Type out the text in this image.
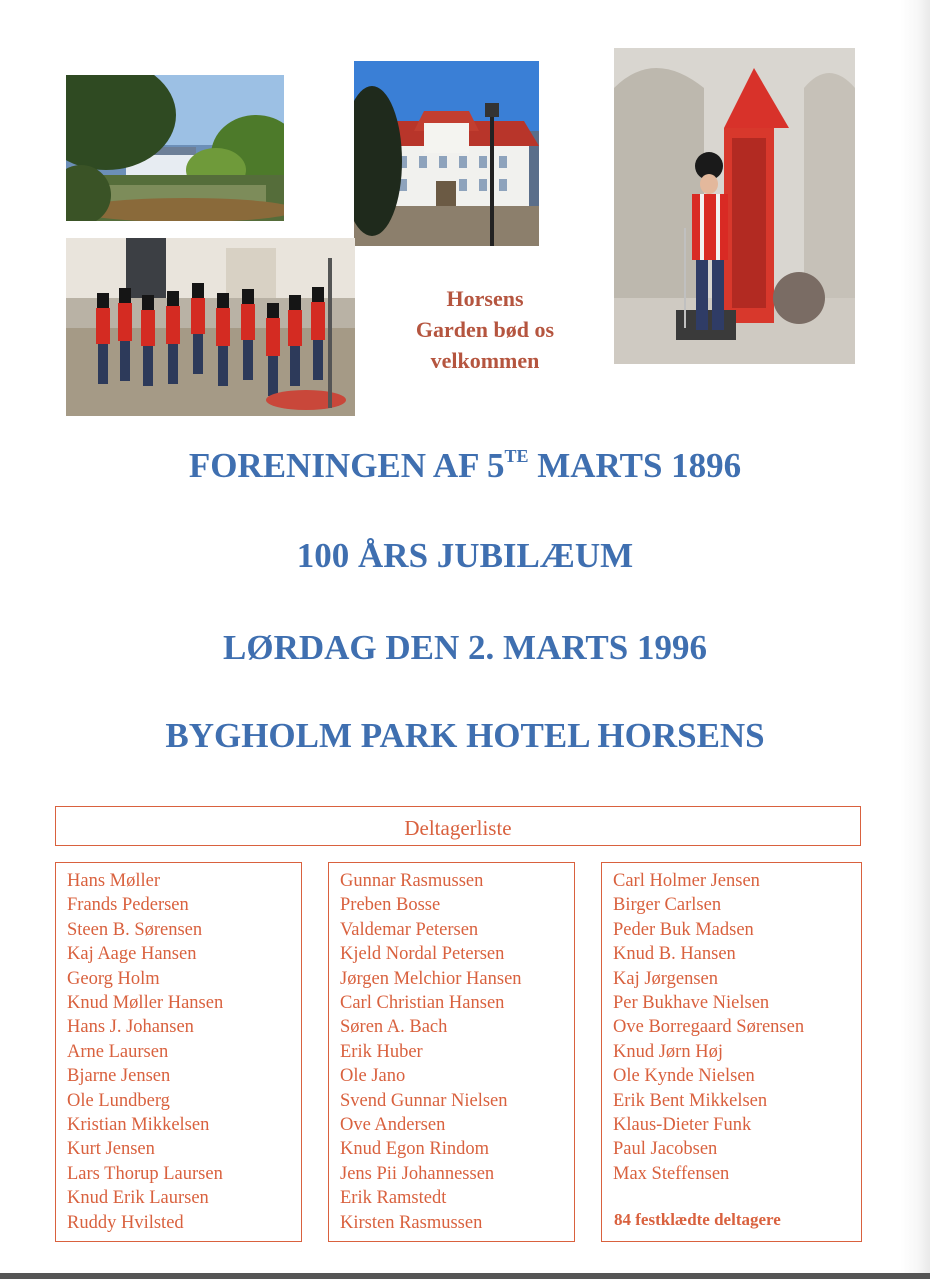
Horsens
Garden bød os
velkommen
FORENINGEN AF $5^{TE}$ MARTS 1896
100 ÅRS JUBILÆUM
LØRDAG DEN 2. MARTS 1996
BYGHOLM PARK HOTEL HORSENS
Deltagerliste
Hans Møller
Frands Pedersen
Steen B. Sørensen
Kaj Aage Hansen
Georg Holm
Knud Møller Hansen
Hans J. Johansen
Arne Laursen
Bjarne Jensen
Ole Lundberg
Kristian Mikkelsen
Kurt Jensen
Lars Thorup Laursen
Knud Erik Laursen
Ruddy Hvilsted
Gunnar Rasmussen
Preben Bosse
Valdemar Petersen
Kjeld Nordal Petersen
Jørgen Melchior Hansen
Carl Christian Hansen
Søren A. Bach
Erik Huber
Ole Jano
Svend Gunnar Nielsen
Ove Andersen
Knud Egon Rindom
Jens Pii Johannessen
Erik Ramstedt
Kirsten Rasmussen
Carl Holmer Jensen
Birger Carlsen
Peder Buk Madsen
Knud B. Hansen
Kaj Jørgensen
Per Bukhave Nielsen
Ove Borregaard Sørensen
Knud Jørn Høj
Ole Kynde Nielsen
Erik Bent Mikkelsen
Klaus-Dieter Funk
Paul Jacobsen
Max Steffensen
84 festklædte deltagere
